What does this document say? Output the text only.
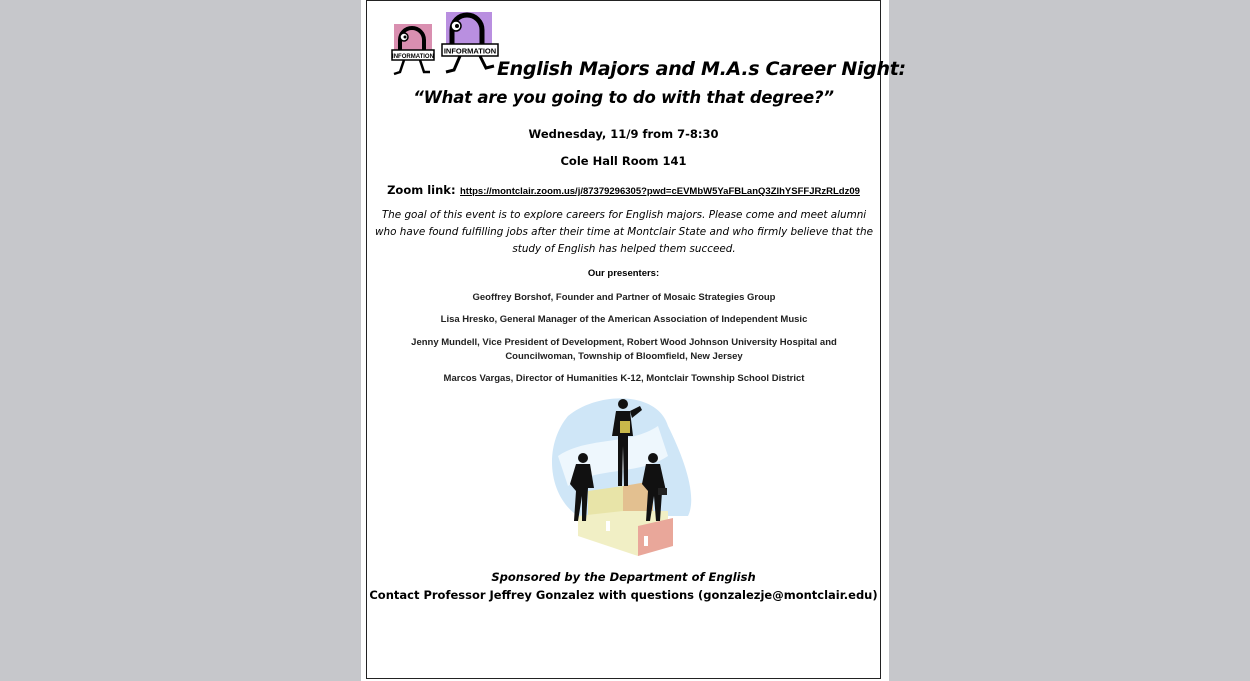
INFORMATION
INFORMATION
English Majors and M.A.s Career Night:
“What are you going to do with that degree?”
Wednesday, 11/9 from 7-8:30
Cole Hall Room 141
Zoom link: https://montclair.zoom.us/j/87379296305?pwd=cEVMbW5YaFBLanQ3ZlhYSFFJRzRLdz09
The goal of this event is to explore careers for English majors. Please come and meet alumni who have found fulfilling jobs after their time at Montclair State and who firmly believe that the study of English has helped them succeed.
Our presenters:
Geoffrey Borshof, Founder and Partner of Mosaic Strategies Group
Lisa Hresko, General Manager of the American Association of Independent Music
Jenny Mundell, Vice President of Development, Robert Wood Johnson University Hospital and Councilwoman, Township of Bloomfield, New Jersey
Marcos Vargas, Director of Humanities K-12, Montclair Township School District
Sponsored by the Department of English
Contact Professor Jeffrey Gonzalez with questions (gonzalezje@montclair.edu)
